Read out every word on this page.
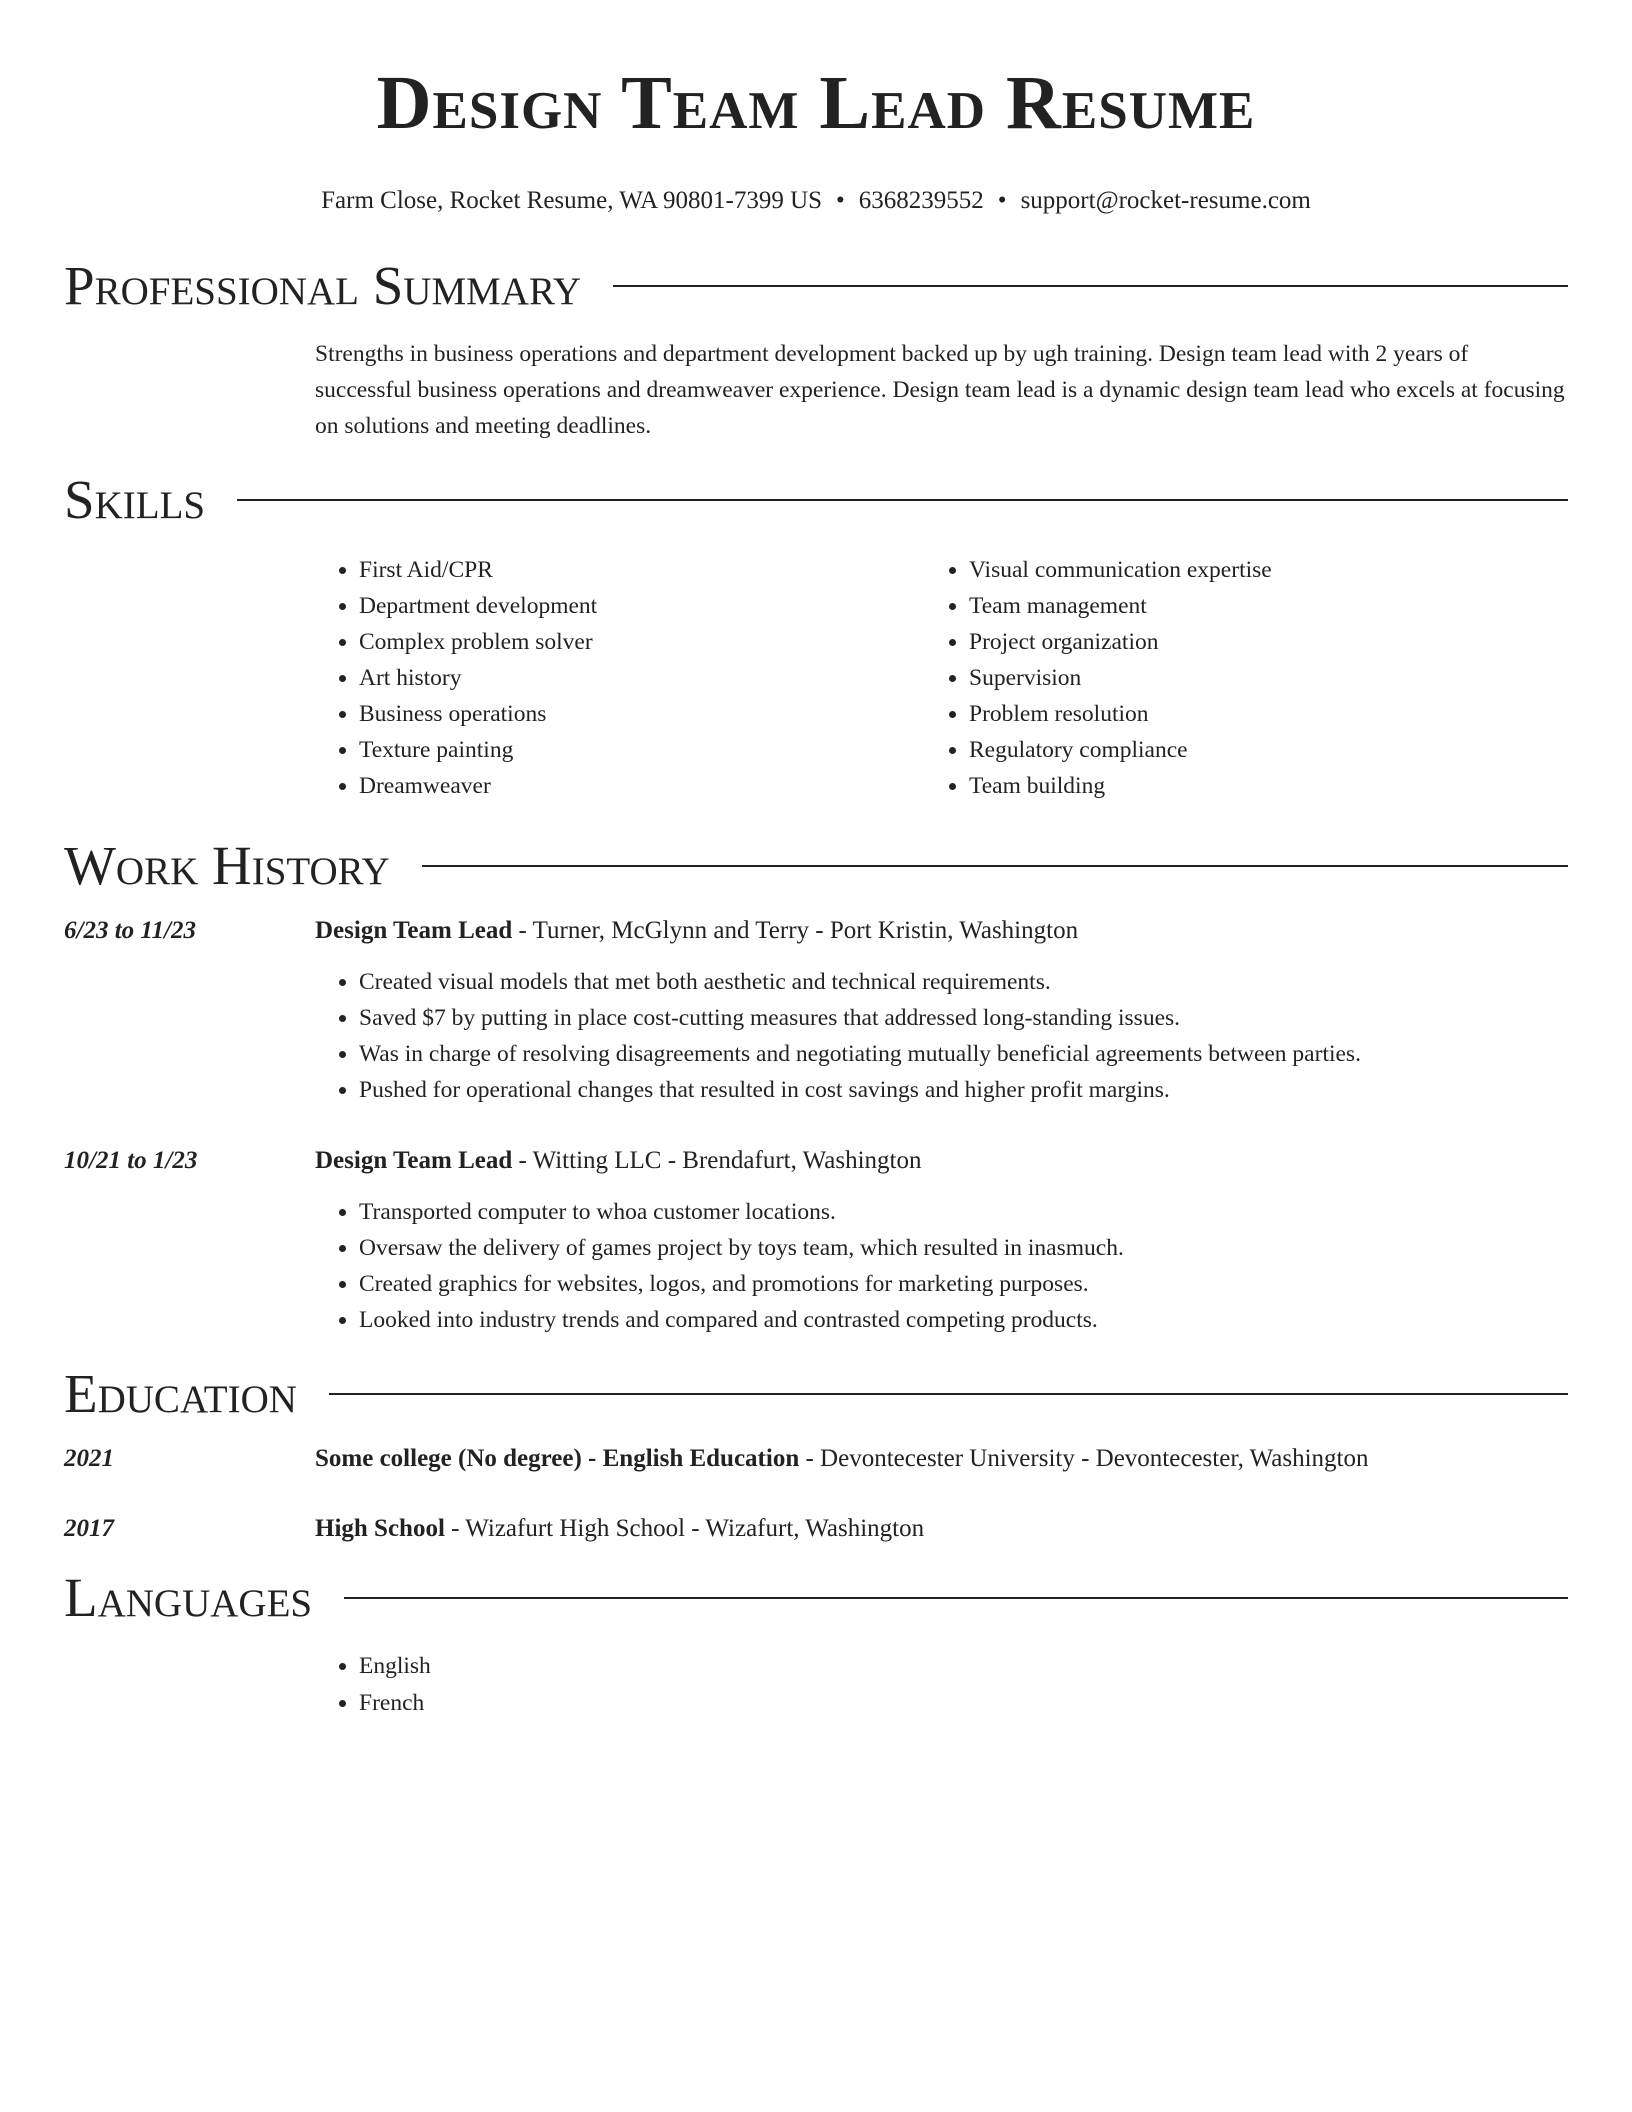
Design Team Lead Resume
Farm Close, Rocket Resume, WA 90801-7399 US • 6368239552 • support@rocket-resume.com
Professional Summary
Strengths in business operations and department development backed up by ugh training. Design team lead with 2 years of successful business operations and dreamweaver experience. Design team lead is a dynamic design team lead who excels at focusing on solutions and meeting deadlines.
Skills
• First Aid/CPR
• Department development
• Complex problem solver
• Art history
• Business operations
• Texture painting
• Dreamweaver
• Visual communication expertise
• Team management
• Project organization
• Supervision
• Problem resolution
• Regulatory compliance
• Team building
Work History
6/23 to 11/23	Design Team Lead - Turner, McGlynn and Terry - Port Kristin, Washington
• Created visual models that met both aesthetic and technical requirements.
• Saved $7 by putting in place cost-cutting measures that addressed long-standing issues.
• Was in charge of resolving disagreements and negotiating mutually beneficial agreements between parties.
• Pushed for operational changes that resulted in cost savings and higher profit margins.
10/21 to 1/23	Design Team Lead - Witting LLC - Brendafurt, Washington
• Transported computer to whoa customer locations.
• Oversaw the delivery of games project by toys team, which resulted in inasmuch.
• Created graphics for websites, logos, and promotions for marketing purposes.
• Looked into industry trends and compared and contrasted competing products.
Education
2021	Some college (No degree) - English Education - Devontecester University - Devontecester, Washington
2017	High School - Wizafurt High School - Wizafurt, Washington
Languages
• English
• French
